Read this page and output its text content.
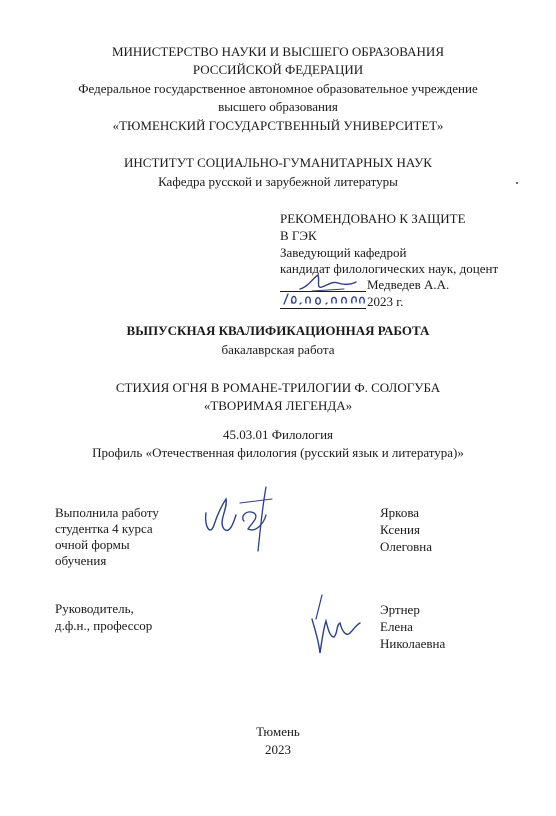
МИНИСТЕРСТВО НАУКИ И ВЫСШЕГО ОБРАЗОВАНИЯ
РОССИЙСКОЙ ФЕДЕРАЦИИ
Федеральное государственное автономное образовательное учреждение
высшего образования
«ТЮМЕНСКИЙ ГОСУДАРСТВЕННЫЙ УНИВЕРСИТЕТ»
ИНСТИТУТ СОЦИАЛЬНО-ГУМАНИТАРНЫХ НАУК
Кафедра русской и зарубежной литературы
РЕКОМЕНДОВАНО К ЗАЩИТЕ
В ГЭК
Заведующий кафедрой
кандидат филологических наук, доцент
Медведев А.А.
2023 г.
ВЫПУСКНАЯ КВАЛИФИКАЦИОННАЯ РАБОТА
бакалаврская работа
СТИХИЯ ОГНЯ В РОМАНЕ-ТРИЛОГИИ Ф. СОЛОГУБА
«ТВОРИМАЯ ЛЕГЕНДА»
45.03.01 Филология
Профиль «Отечественная филология (русский язык и литература)»
Выполнила работу
студентка 4 курса
очной формы
обучения
Яркова
Ксения
Олеговна
Руководитель,
д.ф.н., профессор
Эртнер
Елена
Николаевна
Тюмень
2023
